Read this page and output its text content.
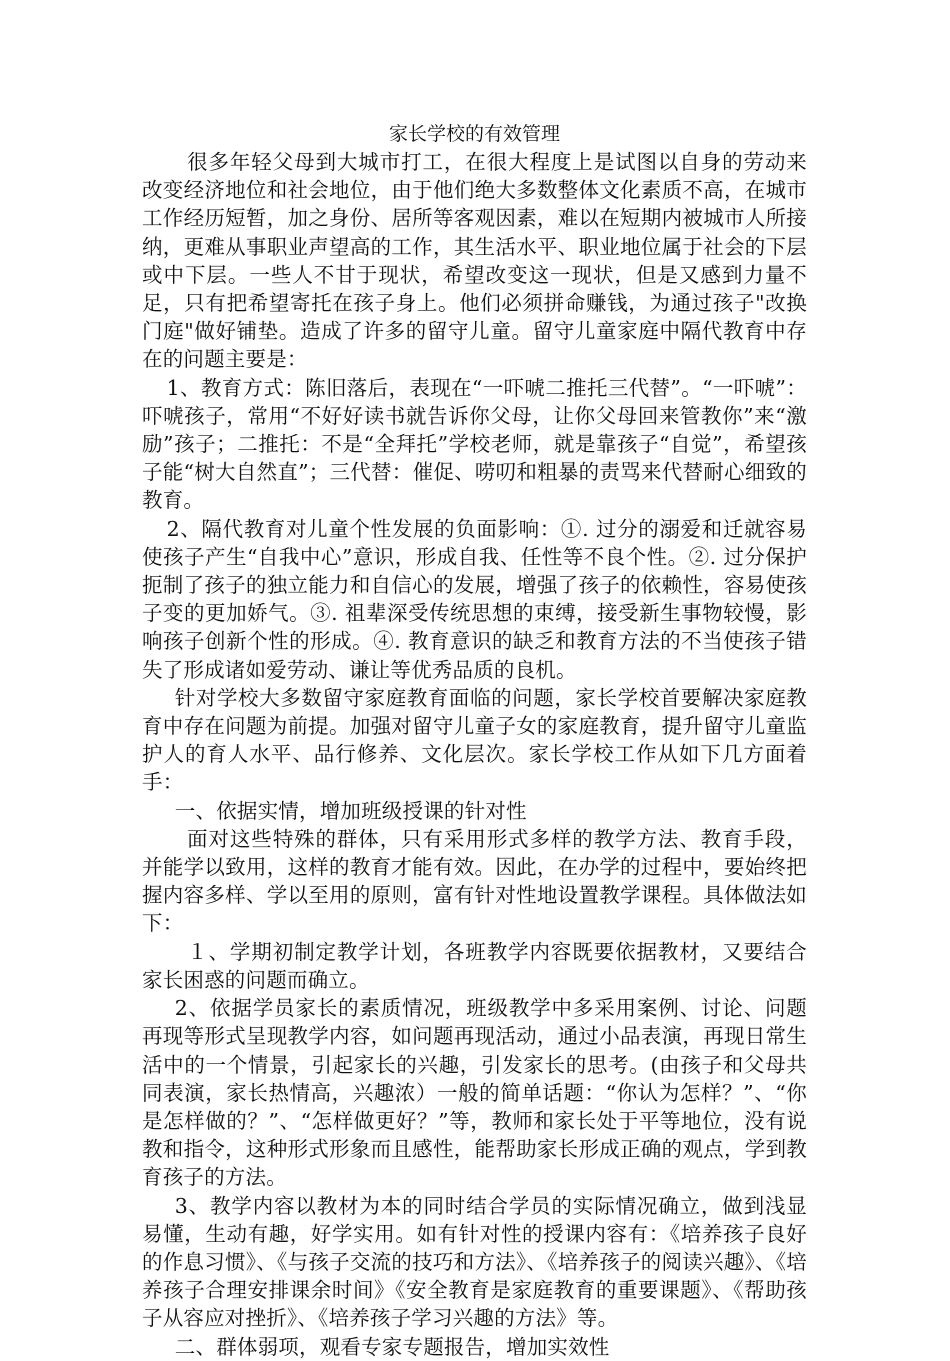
家长学校的有效管理

很多年轻父母到大城市打工，在很大程度上是试图以自身的劳动来改变经济地位和社会地位，由于他们绝大多数整体文化素质不高，在城市工作经历短暂，加之身份、居所等客观因素，难以在短期内被城市人所接纳，更难从事职业声望高的工作，其生活水平、职业地位属于社会的下层或中下层。一些人不甘于现状，希望改变这一现状，但是又感到力量不足，只有把希望寄托在孩子身上。他们必须拼命赚钱，为通过孩子"改换门庭"做好铺垫。造成了许多的留守儿童。留守儿童家庭中隔代教育中存在的问题主要是：

1、教育方式：陈旧落后，表现在“一吓唬二推托三代替”。“一吓唬”：吓唬孩子，常用“不好好读书就告诉你父母，让你父母回来管教你”来“激励”孩子；二推托：不是“全拜托”学校老师，就是靠孩子“自觉”，希望孩子能“树大自然直”；三代替：催促、唠叨和粗暴的责骂来代替耐心细致的教育。

2、隔代教育对儿童个性发展的负面影响：①. 过分的溺爱和迁就容易使孩子产生“自我中心”意识，形成自我、任性等不良个性。②. 过分保护扼制了孩子的独立能力和自信心的发展，增强了孩子的依赖性，容易使孩子变的更加娇气。③. 祖辈深受传统思想的束缚，接受新生事物较慢，影响孩子创新个性的形成。④. 教育意识的缺乏和教育方法的不当使孩子错失了形成诸如爱劳动、谦让等优秀品质的良机。

针对学校大多数留守家庭教育面临的问题，家长学校首要解决家庭教育中存在问题为前提。加强对留守儿童子女的家庭教育，提升留守儿童监护人的育人水平、品行修养、文化层次。家长学校工作从如下几方面着手：

一、依据实情，增加班级授课的针对性

面对这些特殊的群体，只有采用形式多样的教学方法、教育手段，并能学以致用，这样的教育才能有效。因此，在办学的过程中，要始终把握内容多样、学以至用的原则，富有针对性地设置教学课程。具体做法如下：

１、学期初制定教学计划，各班教学内容既要依据教材，又要结合家长困惑的问题而确立。

2、依据学员家长的素质情况，班级教学中多采用案例、讨论、问题再现等形式呈现教学内容，如问题再现活动，通过小品表演，再现日常生活中的一个情景，引起家长的兴趣，引发家长的思考。(由孩子和父母共同表演，家长热情高，兴趣浓）一般的简单话题：“你认为怎样？”、“你是怎样做的？”、“怎样做更好？”等，教师和家长处于平等地位，没有说教和指令，这种形式形象而且感性，能帮助家长形成正确的观点，学到教育孩子的方法。

3、教学内容以教材为本的同时结合学员的实际情况确立，做到浅显易懂，生动有趣，好学实用。如有针对性的授课内容有：《培养孩子良好的作息习惯》、《与孩子交流的技巧和方法》、《培养孩子的阅读兴趣》、《培养孩子合理安排课余时间》《安全教育是家庭教育的重要课题》、《帮助孩子从容应对挫折》、《培养孩子学习兴趣的方法》等。

二、群体弱项，观看专家专题报告，增加实效性
